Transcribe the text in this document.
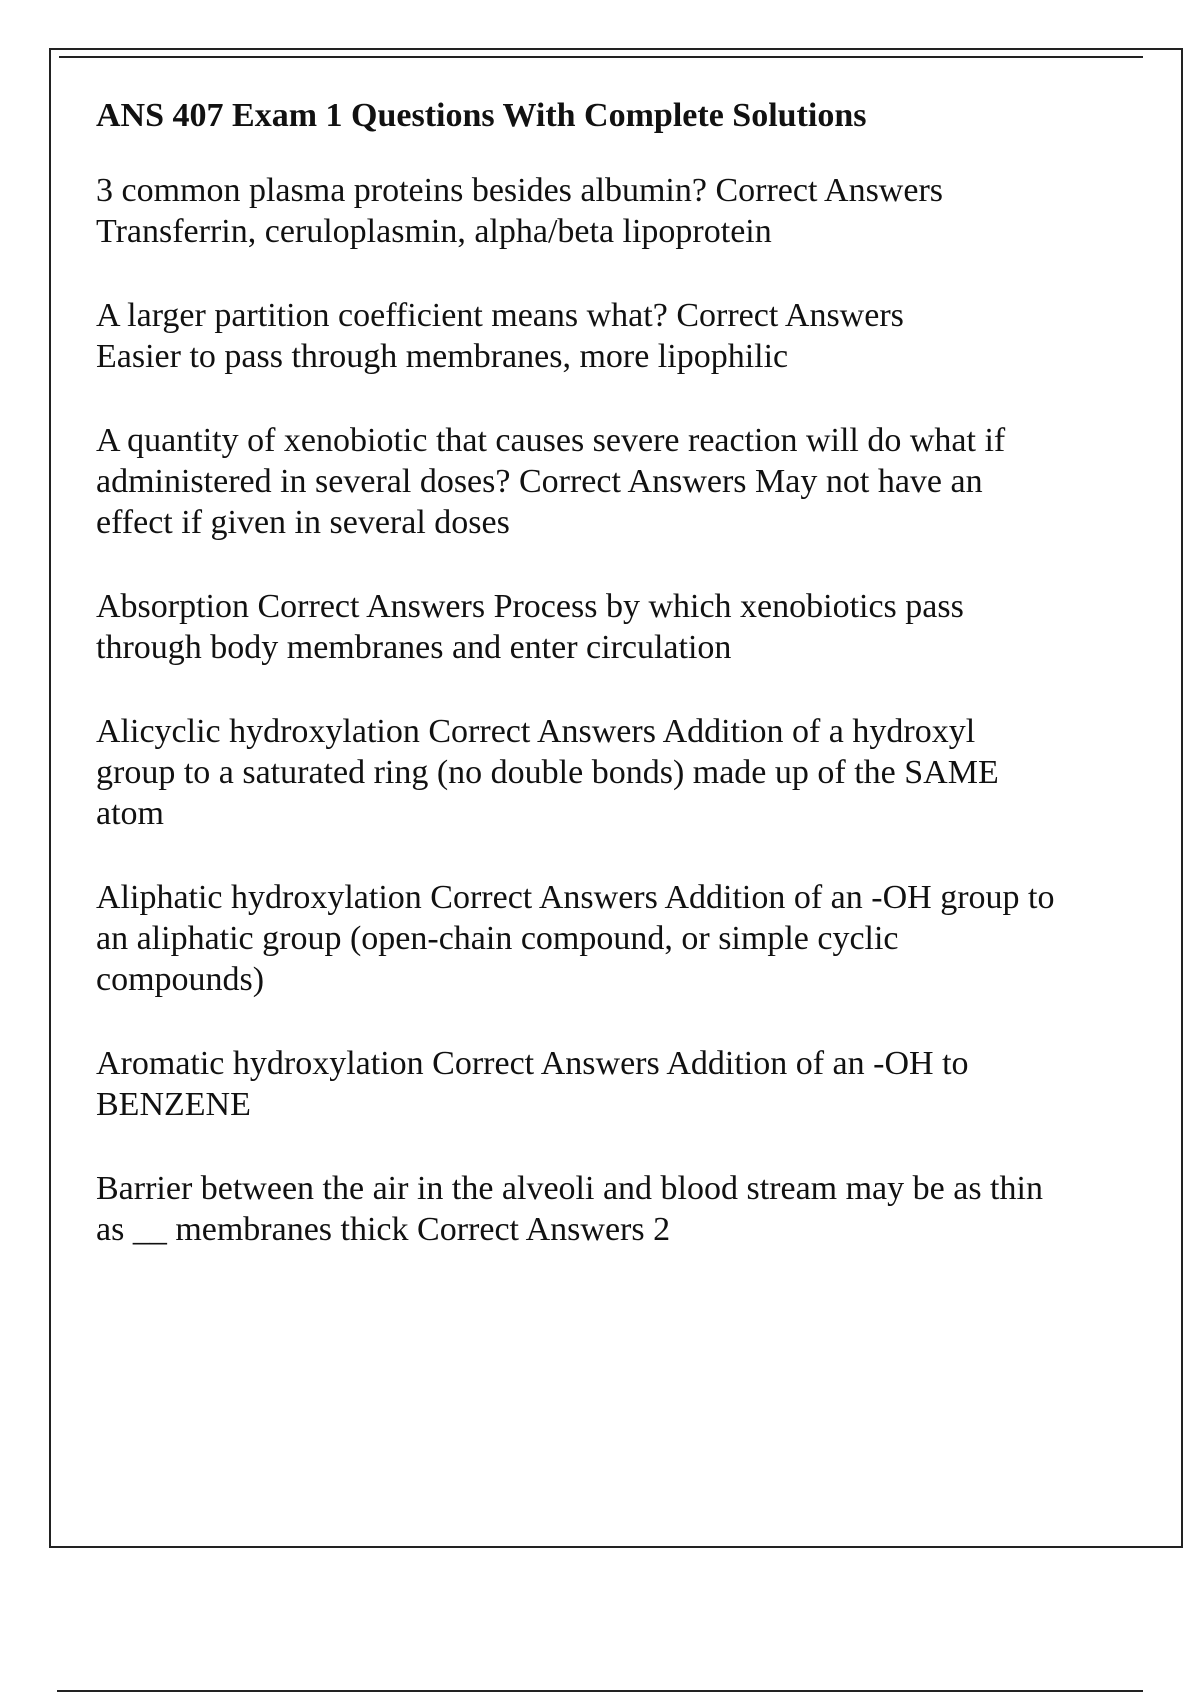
ANS 407 Exam 1 Questions With Complete Solutions
3 common plasma proteins besides albumin? Correct Answers
Transferrin, ceruloplasmin, alpha/beta lipoprotein
A larger partition coefficient means what? Correct Answers
Easier to pass through membranes, more lipophilic
A quantity of xenobiotic that causes severe reaction will do what if administered in several doses? Correct Answers May not have an effect if given in several doses
Absorption Correct Answers Process by which xenobiotics pass through body membranes and enter circulation
Alicyclic hydroxylation Correct Answers Addition of a hydroxyl group to a saturated ring (no double bonds) made up of the SAME atom
Aliphatic hydroxylation Correct Answers Addition of an -OH group to an aliphatic group (open-chain compound, or simple cyclic compounds)
Aromatic hydroxylation Correct Answers Addition of an -OH to BENZENE
Barrier between the air in the alveoli and blood stream may be as thin as __ membranes thick Correct Answers 2
